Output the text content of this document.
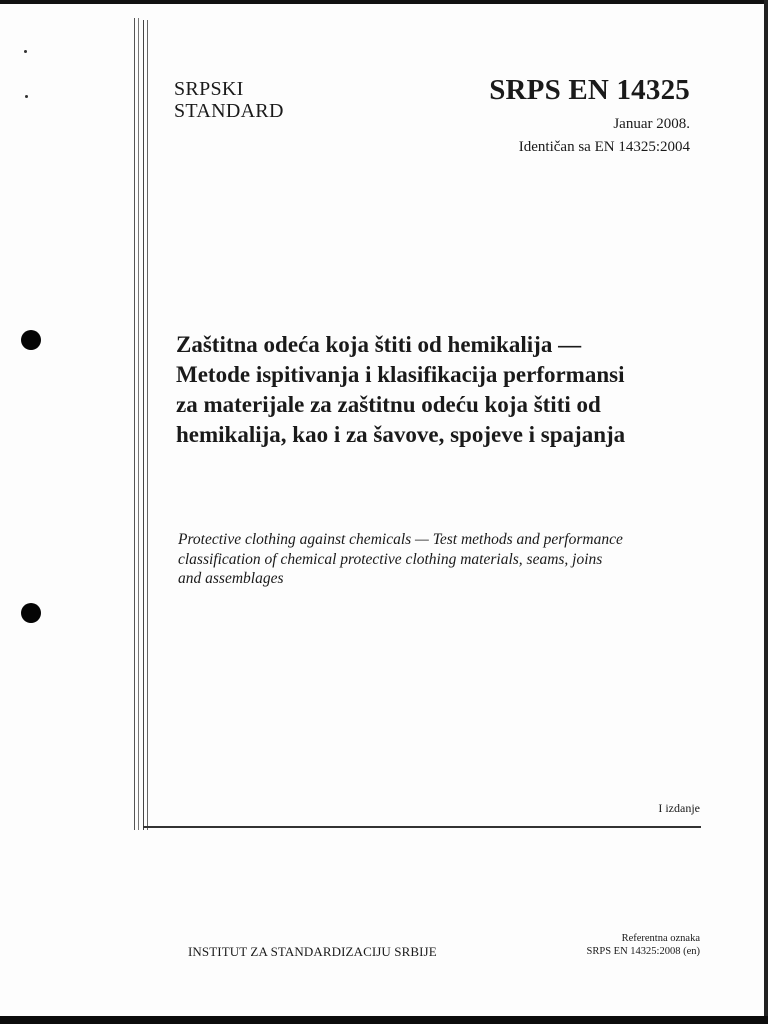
SRPSKI
STANDARD
SRPS EN 14325

Januar 2008.

Identičan sa EN 14325:2004

Zaštitna odeća koja štiti od hemikalija —
Metode ispitivanja i klasifikacija performansi
za materijale za zaštitnu odeću koja štiti od
hemikalija, kao i za šavove, spojeve i spajanja

Protective clothing against chemicals — Test methods and performance
classification of chemical protective clothing materials, seams, joins
and assemblages

I izdanje

INSTITUT ZA STANDARDIZACIJU SRBIJE

Referentna oznaka
SRPS EN 14325:2008 (en)
